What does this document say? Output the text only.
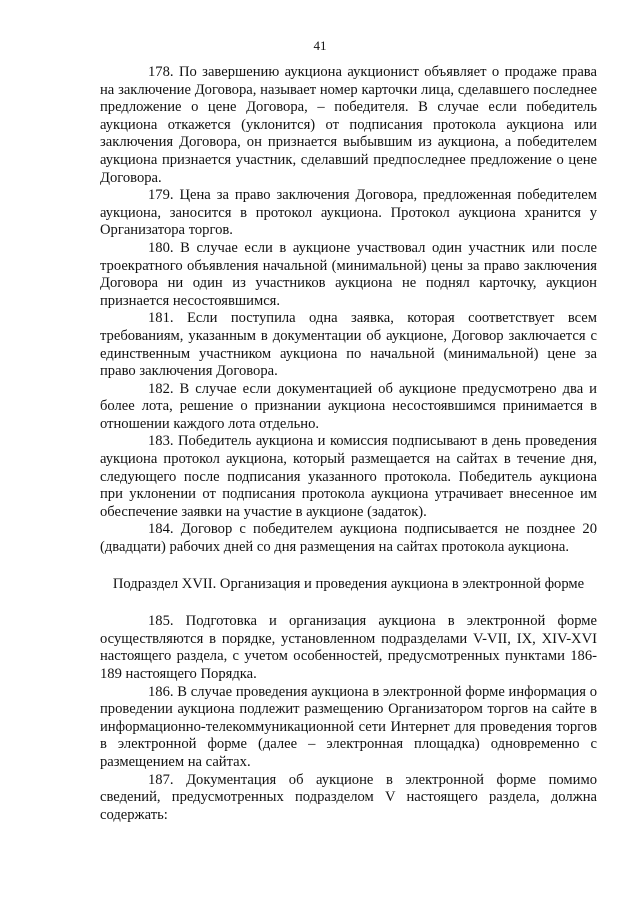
41

178. По завершению аукциона аукционист объявляет о продаже права на заключение Договора, называет номер карточки лица, сделавшего последнее предложение о цене Договора, – победителя. В случае если победитель аукциона откажется (уклонится) от подписания протокола аукциона или заключения Договора, он признается выбывшим из аукциона, а победителем аукциона признается участник, сделавший предпоследнее предложение о цене Договора.

179. Цена за право заключения Договора, предложенная победителем аукциона, заносится в протокол аукциона. Протокол аукциона хранится у Организатора торгов.

180. В случае если в аукционе участвовал один участник или после троекратного объявления начальной (минимальной) цены за право заключения Договора ни один из участников аукциона не поднял карточку, аукцион признается несостоявшимся.

181. Если поступила одна заявка, которая соответствует всем требованиям, указанным в документации об аукционе, Договор заключается с единственным участником аукциона по начальной (минимальной) цене за право заключения Договора.

182. В случае если документацией об аукционе предусмотрено два и более лота, решение о признании аукциона несостоявшимся принимается в отношении каждого лота отдельно.

183. Победитель аукциона и комиссия подписывают в день проведения аукциона протокол аукциона, который размещается на сайтах в течение дня, следующего после подписания указанного протокола. Победитель аукциона при уклонении от подписания протокола аукциона утрачивает внесенное им обеспечение заявки на участие в аукционе (задаток).

184. Договор с победителем аукциона подписывается не позднее 20 (двадцати) рабочих дней со дня размещения на сайтах протокола аукциона.

Подраздел XVII. Организация и проведения аукциона в электронной форме

185. Подготовка и организация аукциона в электронной форме осуществляются в порядке, установленном подразделами V-VII, IX, XIV-XVI настоящего раздела, с учетом особенностей, предусмотренных пунктами 186-189 настоящего Порядка.

186. В случае проведения аукциона в электронной форме информация о проведении аукциона подлежит размещению Организатором торгов на сайте в информационно-телекоммуникационной сети Интернет для проведения торгов в электронной форме (далее – электронная площадка) одновременно с размещением на сайтах.

187. Документация об аукционе в электронной форме помимо сведений, предусмотренных подразделом V настоящего раздела, должна содержать:
